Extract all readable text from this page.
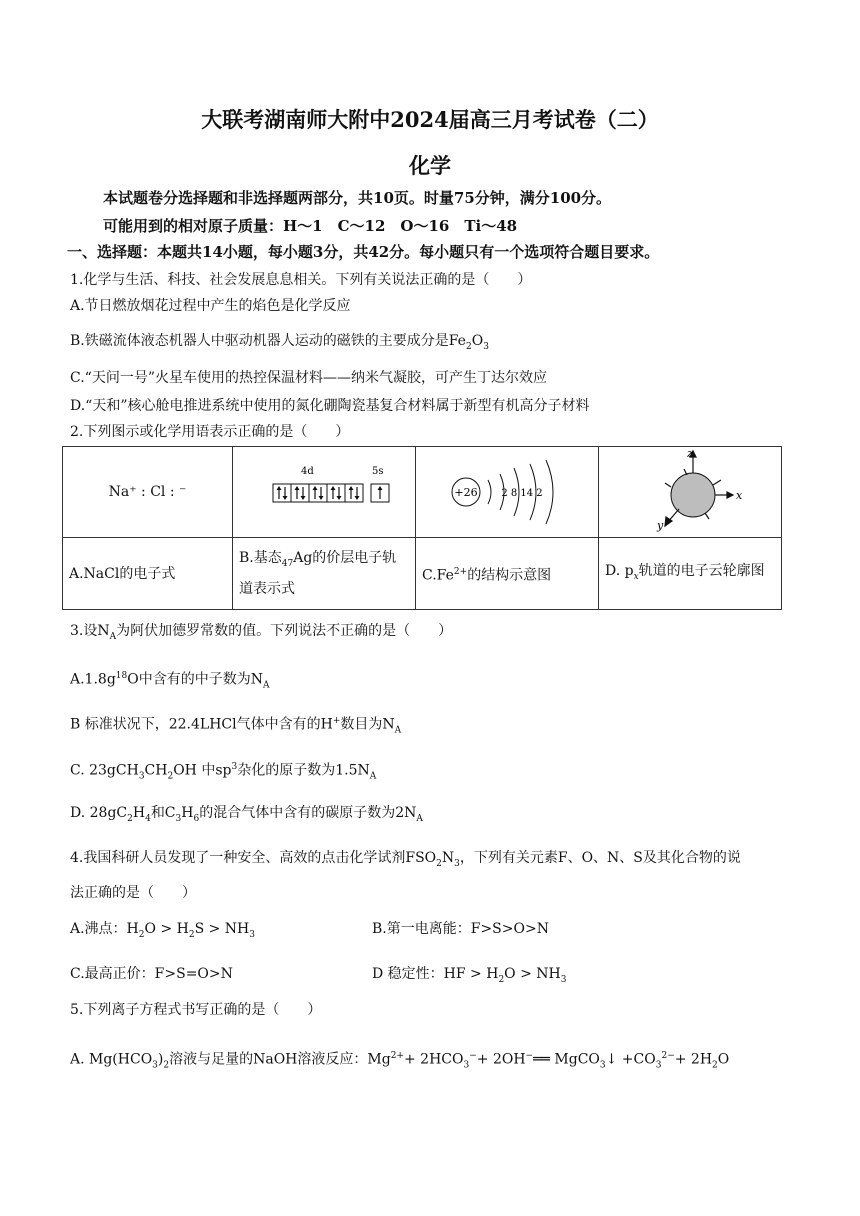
大联考湖南师大附中2024届高三月考试卷（二）
化学
本试题卷分选择题和非选择题两部分，共10页。时量75分钟，满分100分。
可能用到的相对原子质量：H～1　C～12　O～16　Ti～48
一、选择题：本题共14小题，每小题3分，共42分。每小题只有一个选项符合题目要求。
1.化学与生活、科技、社会发展息息相关。下列有关说法正确的是（　　）
A.节日燃放烟花过程中产生的焰色是化学反应
B.铁磁流体液态机器人中驱动机器人运动的磁铁的主要成分是$Fe_2O_3$
C.“天问一号”火星车使用的热控保温材料——纳米气凝胶，可产生丁达尔效应
D.“天和”核心舱电推进系统中使用的氮化硼陶瓷基复合材料属于新型有机高分子材料
2.下列图示或化学用语表示正确的是（　　）
Na⁺ : Cl : ⁻	4d 5s	+26 2 8 14 2	z
x
y

A.NaCl的电子式	B.基态$_{47}$Ag的价层电子轨道表示式	$C.Fe^{2+}$的结构示意图	D. $p_x$轨道的电子云轮廓图
3.设$N_A$为阿伏加德罗常数的值。下列说法不正确的是（　　）
$A.1.8g^{18}O$中含有的中子数为$N_A$
B 标准状况下，22.4LHCl气体中含有的H+数目为$N_A$
C. $23gCH_3CH_2OH$ 中$sp^3$杂化的原子数为$1.5N_A$
D. $28gC_2H_4$和$C_3H_6$的混合气体中含有的碳原子数为$2N_A$
4.我国科研人员发现了一种安全、高效的点击化学试剂$FSO_2N_3$，下列有关元素F、O、N、S及其化合物的说
法正确的是（　　）
A.沸点：$H_2O > H_2S > NH_3$	B.第一电离能：F>S>O>N
C.最高正价：F>S=O>N	D 稳定性：HF > $H_2O > NH_3$
5.下列离子方程式书写正确的是（　　）
A. $Mg(HCO_3)_2$溶液与足量的NaOH溶液反应：$Mg^{2+}+ 2HCO_3^-+$ 2OH−══ MgCO$_3$↓ $+CO_3^{2-}+ 2H_2O$
